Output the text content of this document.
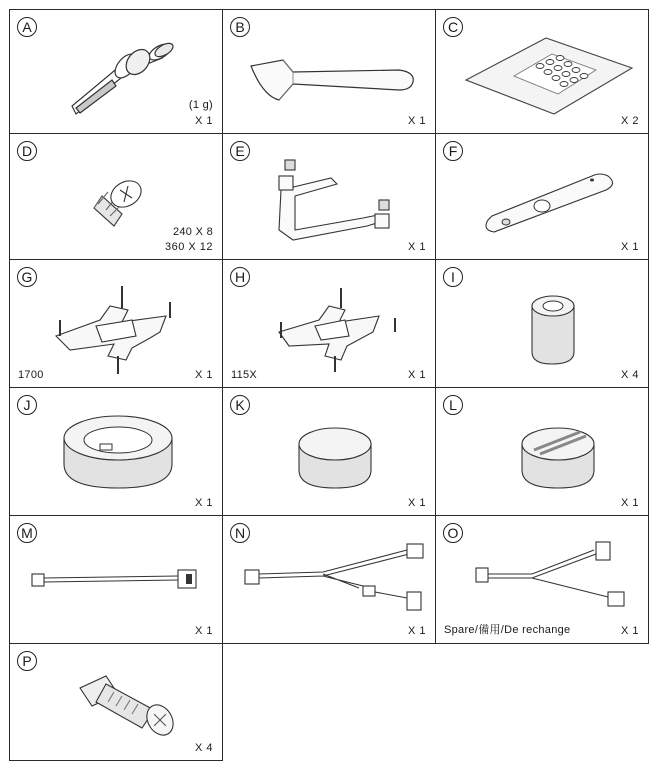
A
(1 g)
X 1
B
X 1
C
X 2
D
240 X 8
360 X 12
E
X 1
F
X 1
G
1700	X 1
H
115X	X 1
I
X 4
J
X 1
K
X 1
L
X 1
M
X 1
N
X 1
O
Spare/備用/De rechange	X 1
P
X 4
